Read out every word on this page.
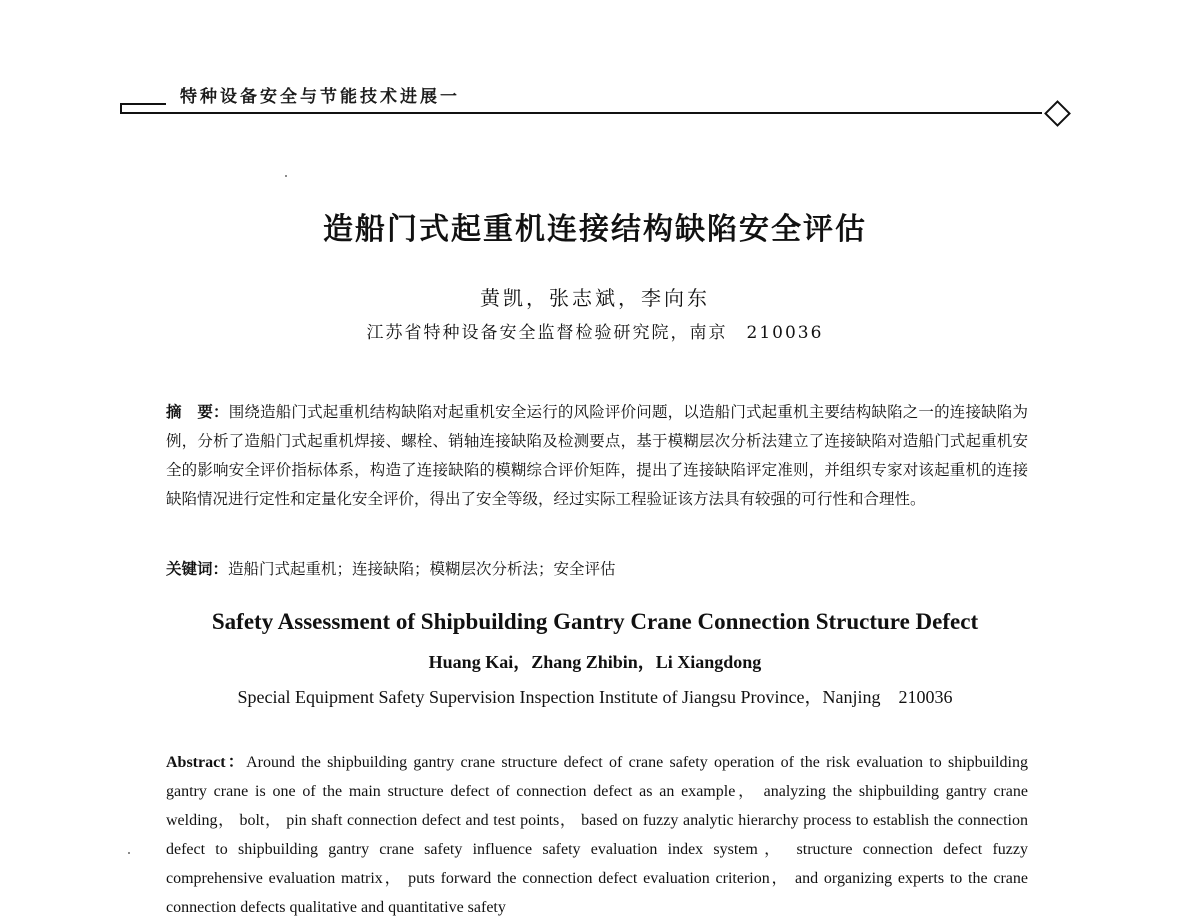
特种设备安全与节能技术进展一
造船门式起重机连接结构缺陷安全评估
黄凯，张志斌，李向东
江苏省特种设备安全监督检验研究院，南京　210036
摘　要：围绕造船门式起重机结构缺陷对起重机安全运行的风险评价问题，以造船门式起重机主要结构缺陷之一的连接缺陷为例，分析了造船门式起重机焊接、螺栓、销轴连接缺陷及检测要点，基于模糊层次分析法建立了连接缺陷对造船门式起重机安全的影响安全评价指标体系，构造了连接缺陷的模糊综合评价矩阵，提出了连接缺陷评定准则，并组织专家对该起重机的连接缺陷情况进行定性和定量化安全评价，得出了安全等级，经过实际工程验证该方法具有较强的可行性和合理性。
关键词：造船门式起重机；连接缺陷；模糊层次分析法；安全评估
Safety Assessment of Shipbuilding Gantry Crane Connection Structure Defect
Huang Kai，Zhang Zhibin，Li Xiangdong
Special Equipment Safety Supervision Inspection Institute of Jiangsu Province，Nanjing　210036
Abstract：Around the shipbuilding gantry crane structure defect of crane safety operation of the risk evaluation to shipbuilding gantry crane is one of the main structure defect of connection defect as an example， analyzing the shipbuilding gantry crane welding， bolt， pin shaft connection defect and test points， based on fuzzy analytic hierarchy process to establish the connection defect to shipbuilding gantry crane safety influence safety evaluation index system， structure connection defect fuzzy comprehensive evaluation matrix， puts forward the connection defect evaluation criterion， and organizing experts to the crane connection defects qualitative and quantitative safety
